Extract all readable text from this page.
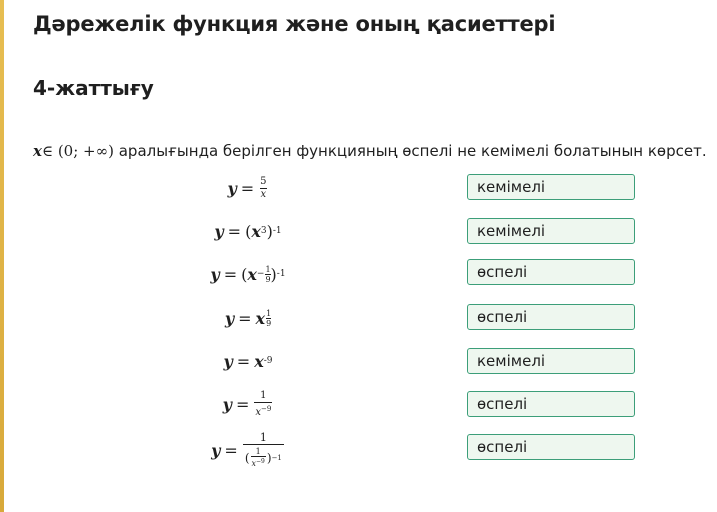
Дәрежелік функция және оның қасиеттері
4-жаттығу

x∈ (0; +∞) аралығында берілген функцияның өспелі не кемімелі болатынын көрсет.

$y = \frac{5}{x}$	кемімелі
y = ( x 3 ) -1	кемімелі
y = ( $x - \frac{1}{9}$ ) -1	өспелі
y = x $\frac{1}{9}$	өспелі
y = x -9	кемімелі
$y = \frac{1}{x^{-9}}$	өспелі
$y = \frac{1}{( \frac{1}{x^{-9}} ) -1}$	өспелі
